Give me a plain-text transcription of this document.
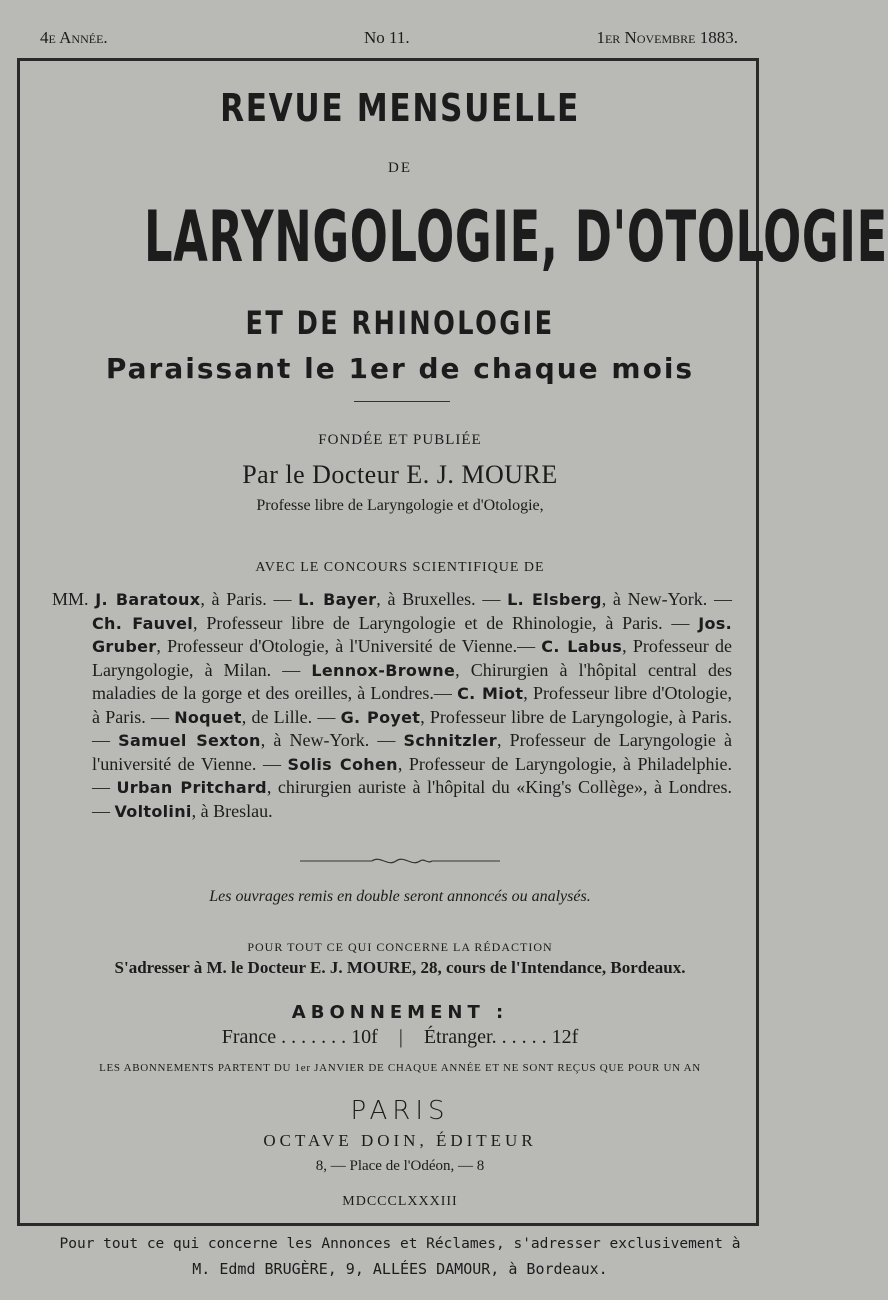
4e Année.	No 11.	1er Novembre 1883.
REVUE MENSUELLE
DE
LARYNGOLOGIE, D'OTOLOGIE
ET DE RHINOLOGIE
Paraissant le 1er de chaque mois
FONDÉE ET PUBLIÉE
Par le Docteur E. J. MOURE
Professe libre de Laryngologie et d'Otologie,
AVEC LE CONCOURS SCIENTIFIQUE DE
MM. J. Baratoux, à Paris. — L. Bayer, à Bruxelles. — L. Elsberg, à New-York. — Ch. Fauvel, Professeur libre de Laryngologie et de Rhinologie, à Paris. — Jos. Gruber, Professeur d'Otologie, à l'Université de Vienne.— C. Labus, Professeur de Laryngologie, à Milan. — Lennox-Browne, Chirurgien à l'hôpital central des maladies de la gorge et des oreilles, à Londres.— C. Miot, Professeur libre d'Otologie, à Paris. — Noquet, de Lille. — G. Poyet, Professeur libre de Laryngologie, à Paris. — Samuel Sexton, à New-York. — Schnitzler, Professeur de Laryngologie à l'université de Vienne. — Solis Cohen, Professeur de Laryngologie, à Philadelphie. — Urban Pritchard, chirurgien auriste à l'hôpital du «King's Collège», à Londres. — Voltolini, à Breslau.
Les ouvrages remis en double seront annoncés ou analysés.
POUR TOUT CE QUI CONCERNE LA RÉDACTION
S'adresser à M. le Docteur E. J. MOURE, 28, cours de l'Intendance, Bordeaux.
ABONNEMENT :
France . . . . . . . 10f | Étranger. . . . . . 12f
LES ABONNEMENTS PARTENT DU 1er JANVIER DE CHAQUE ANNÉE ET NE SONT REÇUS QUE POUR UN AN
PARIS
OCTAVE DOIN, ÉDITEUR
8, — Place de l'Odéon, — 8
MDCCCLXXXIII
Pour tout ce qui concerne les Annonces et Réclames, s'adresser exclusivement à
M. Edmd BRUGÈRE, 9, ALLÉES DAMOUR, à Bordeaux.
